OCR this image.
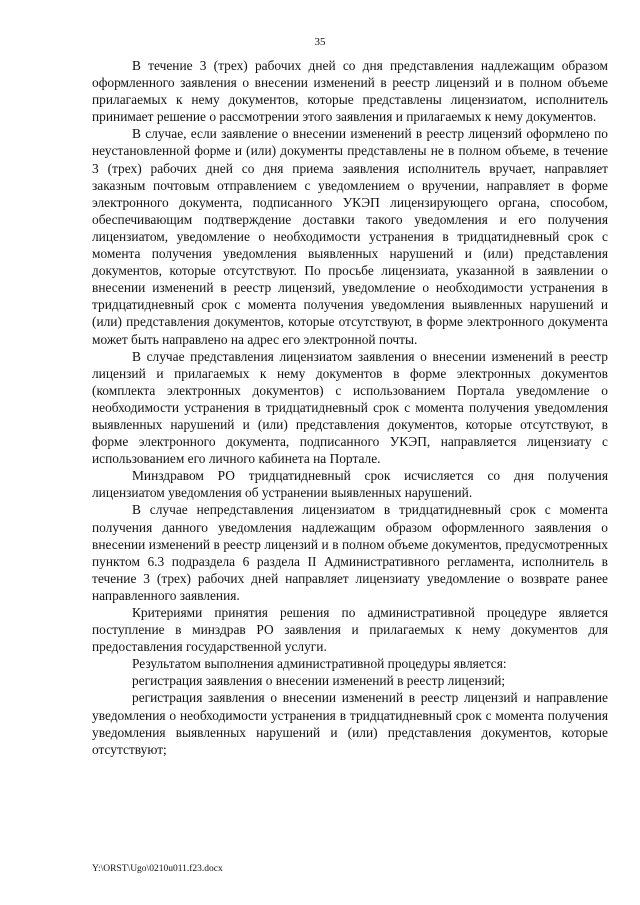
35

В течение 3 (трех) рабочих дней со дня представления надлежащим образом оформленного заявления о внесении изменений в реестр лицензий и в полном объеме прилагаемых к нему документов, которые представлены лицензиатом, исполнитель принимает решение о рассмотрении этого заявления и прилагаемых к нему документов.

В случае, если заявление о внесении изменений в реестр лицензий оформлено по неустановленной форме и (или) документы представлены не в полном объеме, в течение 3 (трех) рабочих дней со дня приема заявления исполнитель вручает, направляет заказным почтовым отправлением с уведомлением о вручении, направляет в форме электронного документа, подписанного УКЭП лицензирующего органа, способом, обеспечивающим подтверждение доставки такого уведомления и его получения лицензиатом, уведомление о необходимости устранения в тридцатидневный срок с момента получения уведомления выявленных нарушений и (или) представления документов, которые отсутствуют. По просьбе лицензиата, указанной в заявлении о внесении изменений в реестр лицензий, уведомление о необходимости устранения в тридцатидневный срок с момента получения уведомления выявленных нарушений и (или) представления документов, которые отсутствуют, в форме электронного документа может быть направлено на адрес его электронной почты.

В случае представления лицензиатом заявления о внесении изменений в реестр лицензий и прилагаемых к нему документов в форме электронных документов (комплекта электронных документов) с использованием Портала уведомление о необходимости устранения в тридцатидневный срок с момента получения уведомления выявленных нарушений и (или) представления документов, которые отсутствуют, в форме электронного документа, подписанного УКЭП, направляется лицензиату с использованием его личного кабинета на Портале.

Минздравом РО тридцатидневный срок исчисляется со дня получения лицензиатом уведомления об устранении выявленных нарушений.

В случае непредставления лицензиатом в тридцатидневный срок с момента получения данного уведомления надлежащим образом оформленного заявления о внесении изменений в реестр лицензий и в полном объеме документов, предусмотренных пунктом 6.3 подраздела 6 раздела II Административного регламента, исполнитель в течение 3 (трех) рабочих дней направляет лицензиату уведомление о возврате ранее направленного заявления.

Критериями принятия решения по административной процедуре является поступление в минздрав РО заявления и прилагаемых к нему документов для предоставления государственной услуги.

Результатом выполнения административной процедуры является:

регистрация заявления о внесении изменений в реестр лицензий;

регистрация заявления о внесении изменений в реестр лицензий и направление уведомления о необходимости устранения в тридцатидневный срок с момента получения уведомления выявленных нарушений и (или) представления документов, которые отсутствуют;

Y:\ORST\Ugo\0210u011.f23.docx
